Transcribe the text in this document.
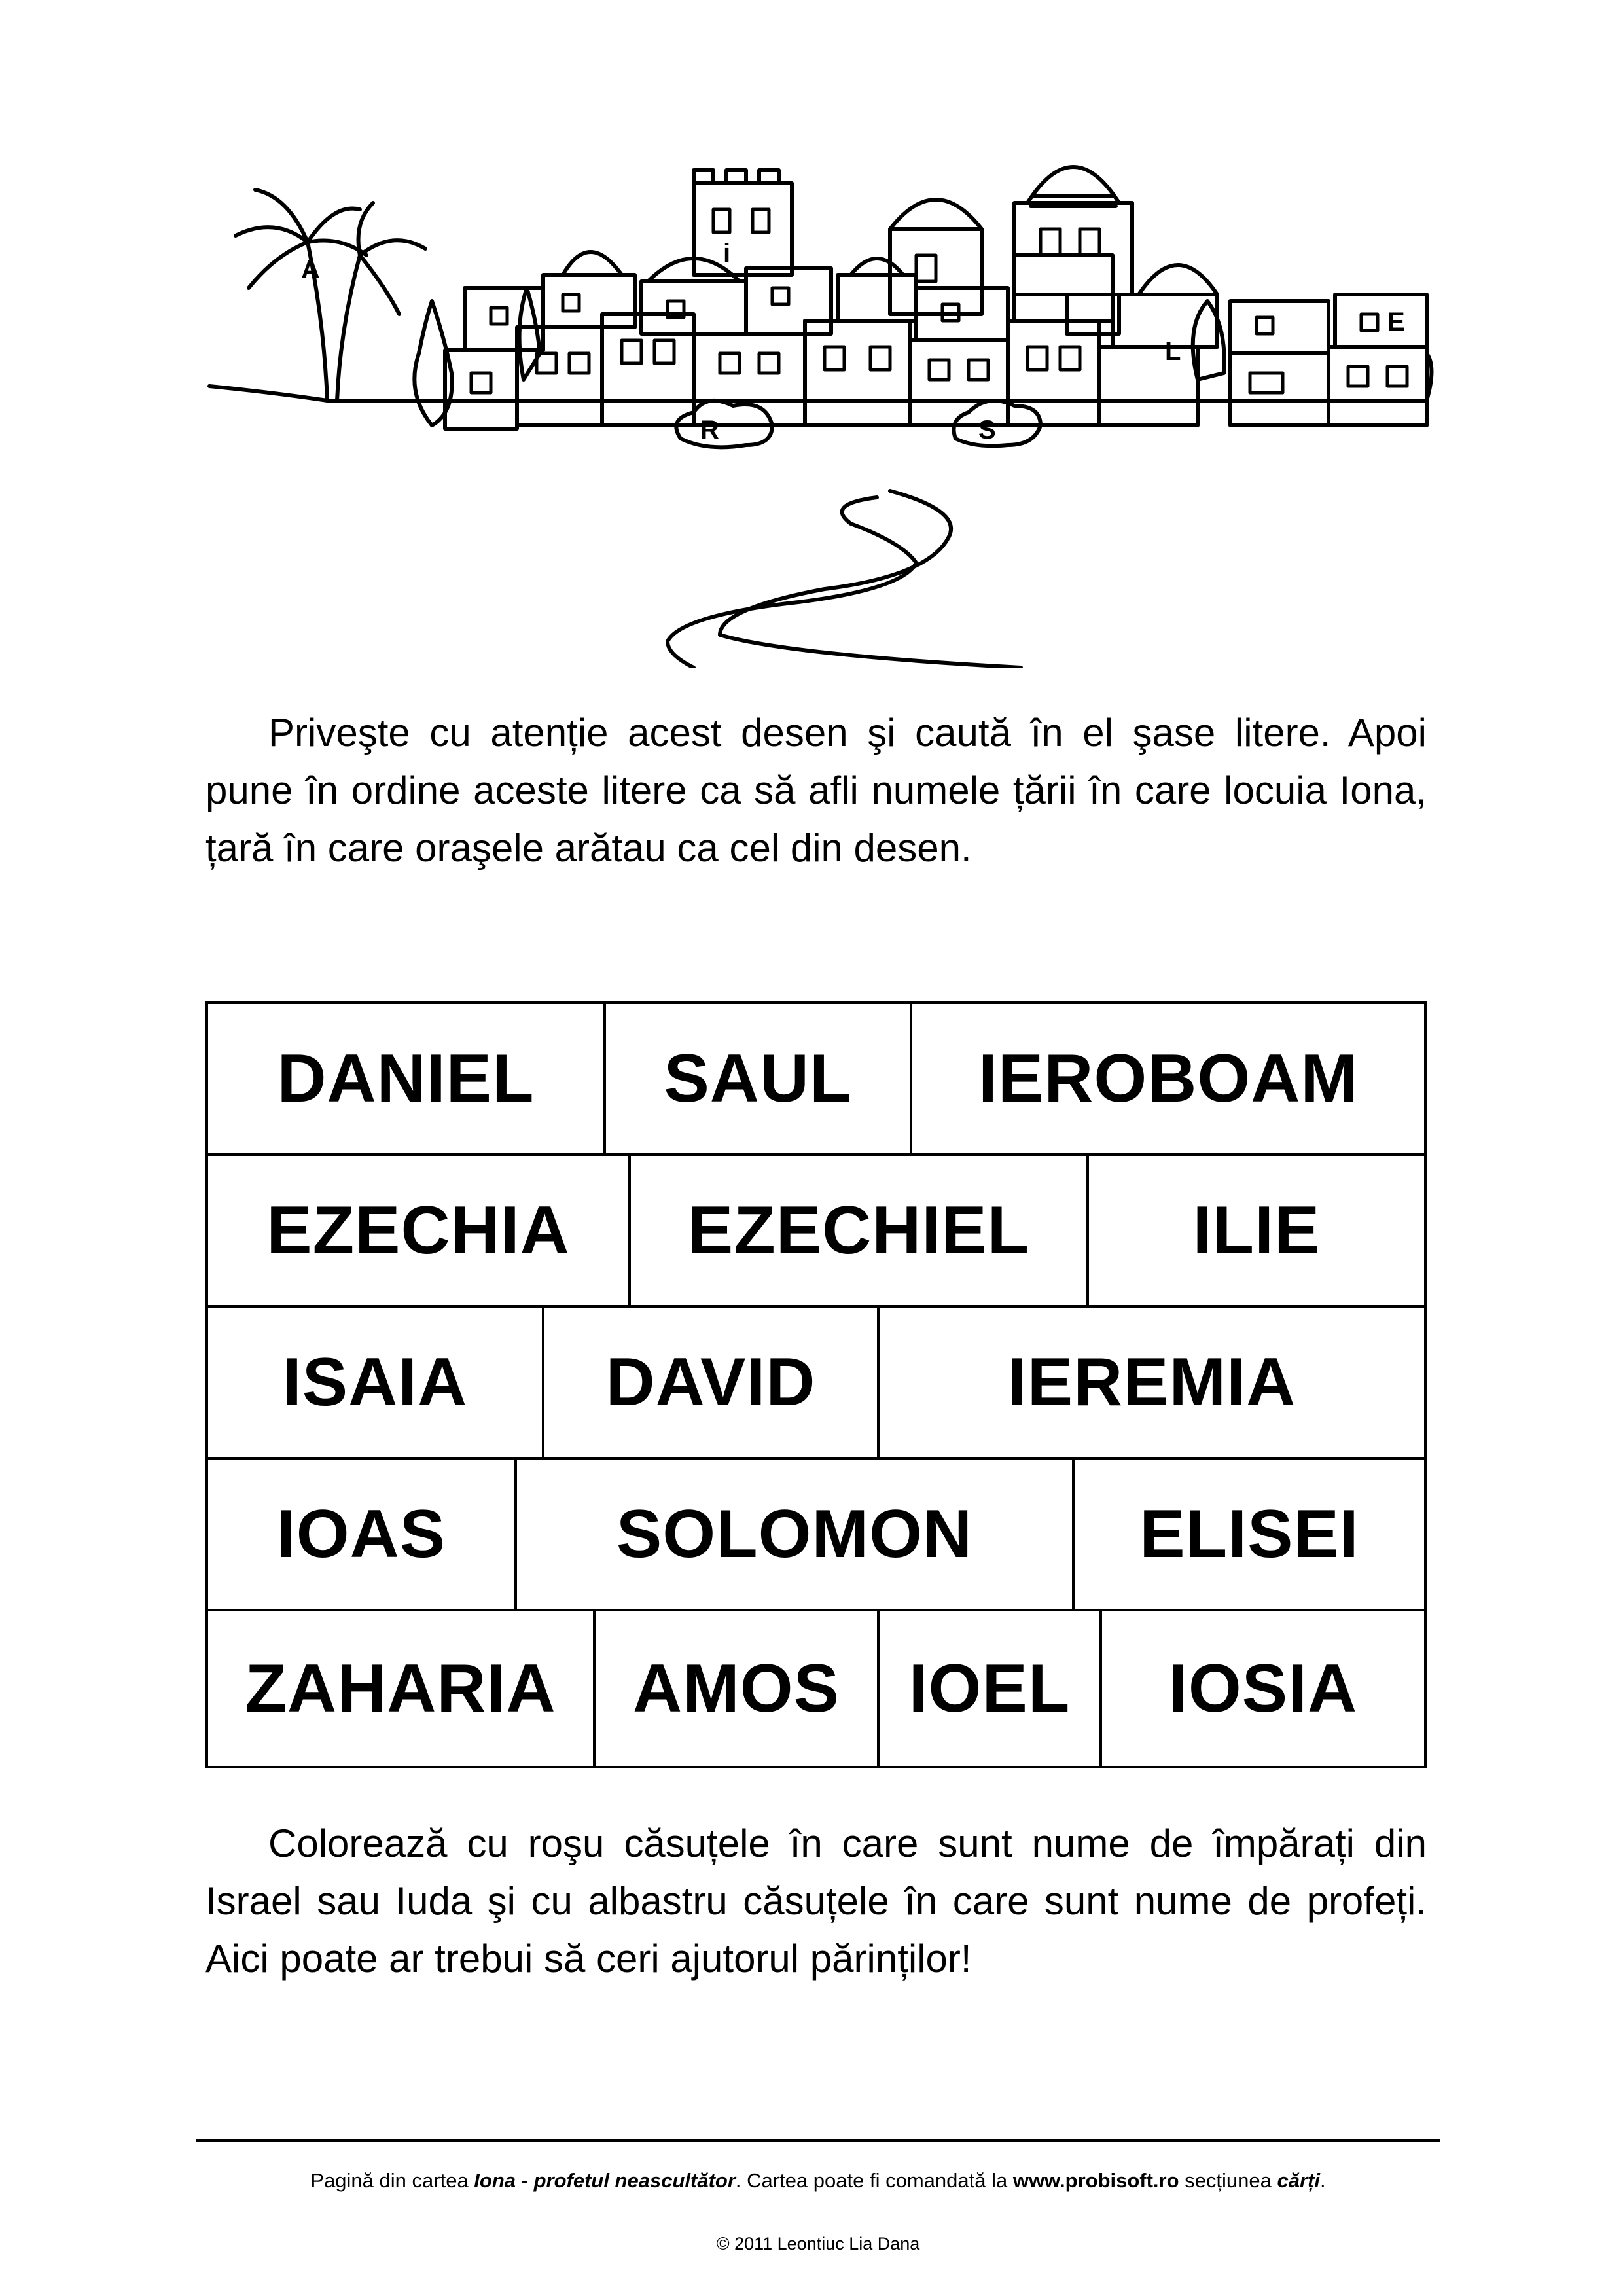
A
i
R	S
L
E

Priveşte cu atenție acest desen şi caută în el şase litere. Apoi pune în ordine aceste litere ca să afli numele țării în care locuia Iona, țară în care oraşele arătau ca cel din desen.

DANIEL	SAUL	IEROBOAM
EZECHIA	EZECHIEL	ILIE
ISAIA	DAVID	IEREMIA
IOAS	SOLOMON	ELISEI
ZAHARIA	AMOS	IOEL	IOSIA

Colorează cu roşu căsuțele în care sunt nume de împărați din Israel sau Iuda şi cu albastru căsuțele în care sunt nume de profeți. Aici poate ar trebui să ceri ajutorul părinților!

Pagină din cartea Iona - profetul neascultător. Cartea poate fi comandată la www.probisoft.ro secțiunea cărți.
© 2011 Leontiuc Lia Dana
